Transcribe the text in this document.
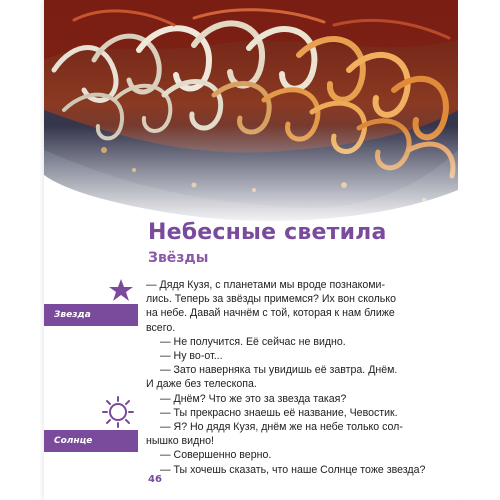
Небесные светила
Звёзды
Звезда
Солнце

— Дядя Кузя, с планетами мы вроде познакоми-

лись. Теперь за звёзды примемся? Их вон сколько

на небе. Давай начнём с той, которая к нам ближе

всего.

— Не получится. Её сейчас не видно.

— Ну во-от...

— Зато наверняка ты увидишь её завтра. Днём.

И даже без телескопа.

— Днём? Что же это за звезда такая?

— Ты прекрасно знаешь её название, Чевостик.

— Я? Но дядя Кузя, днём же на небе только сол-

нышко видно!

— Совершенно верно.

— Ты хочешь сказать, что наше Солнце тоже звезда?

46
